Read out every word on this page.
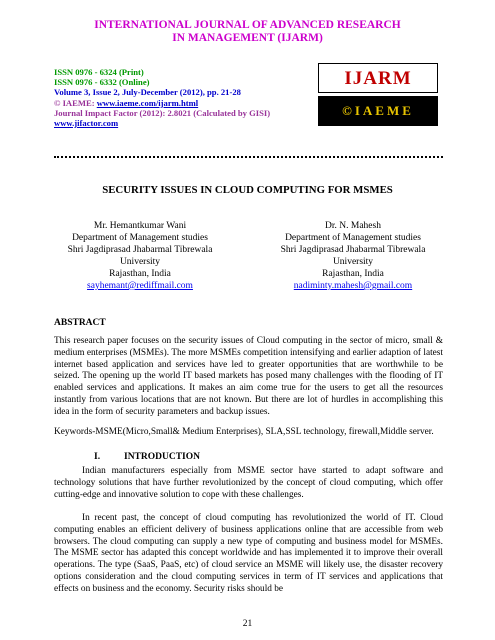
INTERNATIONAL JOURNAL OF ADVANCED RESEARCH
IN MANAGEMENT (IJARM)
ISSN 0976 - 6324 (Print)
ISSN 0976 - 6332 (Online)
Volume 3, Issue 2, July-December (2012), pp. 21-28
© IAEME: www.iaeme.com/ijarm.html
Journal Impact Factor (2012): 2.8021 (Calculated by GISI)
www.jifactor.com
IJARM
©IAEME
SECURITY ISSUES IN CLOUD COMPUTING FOR MSMES
Mr. Hemantkumar Wani
Department of Management studies
Shri Jagdiprasad Jhabarmal Tibrewala
University
Rajasthan, India
sayhemant@rediffmail.com
Dr. N. Mahesh
Department of Management studies
Shri Jagdiprasad Jhabarmal Tibrewala
University
Rajasthan, India
nadiminty.mahesh@gmail.com
ABSTRACT
This research paper focuses on the security issues of Cloud computing in the sector of micro, small & medium enterprises (MSMEs). The more MSMEs competition intensifying and earlier adaption of latest internet based application and services have led to greater opportunities that are worthwhile to be seized. The opening up the world IT based markets has posed many challenges with the flooding of IT enabled services and applications. It makes an aim come true for the users to get all the resources instantly from various locations that are not known. But there are lot of hurdles in accomplishing this idea in the form of security parameters and backup issues.
Keywords-MSME(Micro,Small& Medium Enterprises), SLA,SSL technology, firewall,Middle server.
I.	INTRODUCTION
Indian manufacturers especially from MSME sector have started to adapt software and technology solutions that have further revolutionized by the concept of cloud computing, which offer cutting-edge and innovative solution to cope with these challenges.
In recent past, the concept of cloud computing has revolutionized the world of IT. Cloud computing enables an efficient delivery of business applications online that are accessible from web browsers. The cloud computing can supply a new type of computing and business model for MSMEs. The MSME sector has adapted this concept worldwide and has implemented it to improve their overall operations. The type (SaaS, PaaS, etc) of cloud service an MSME will likely use, the disaster recovery options consideration and the cloud computing services in term of IT services and applications that effects on business and the economy. Security risks should be
21
